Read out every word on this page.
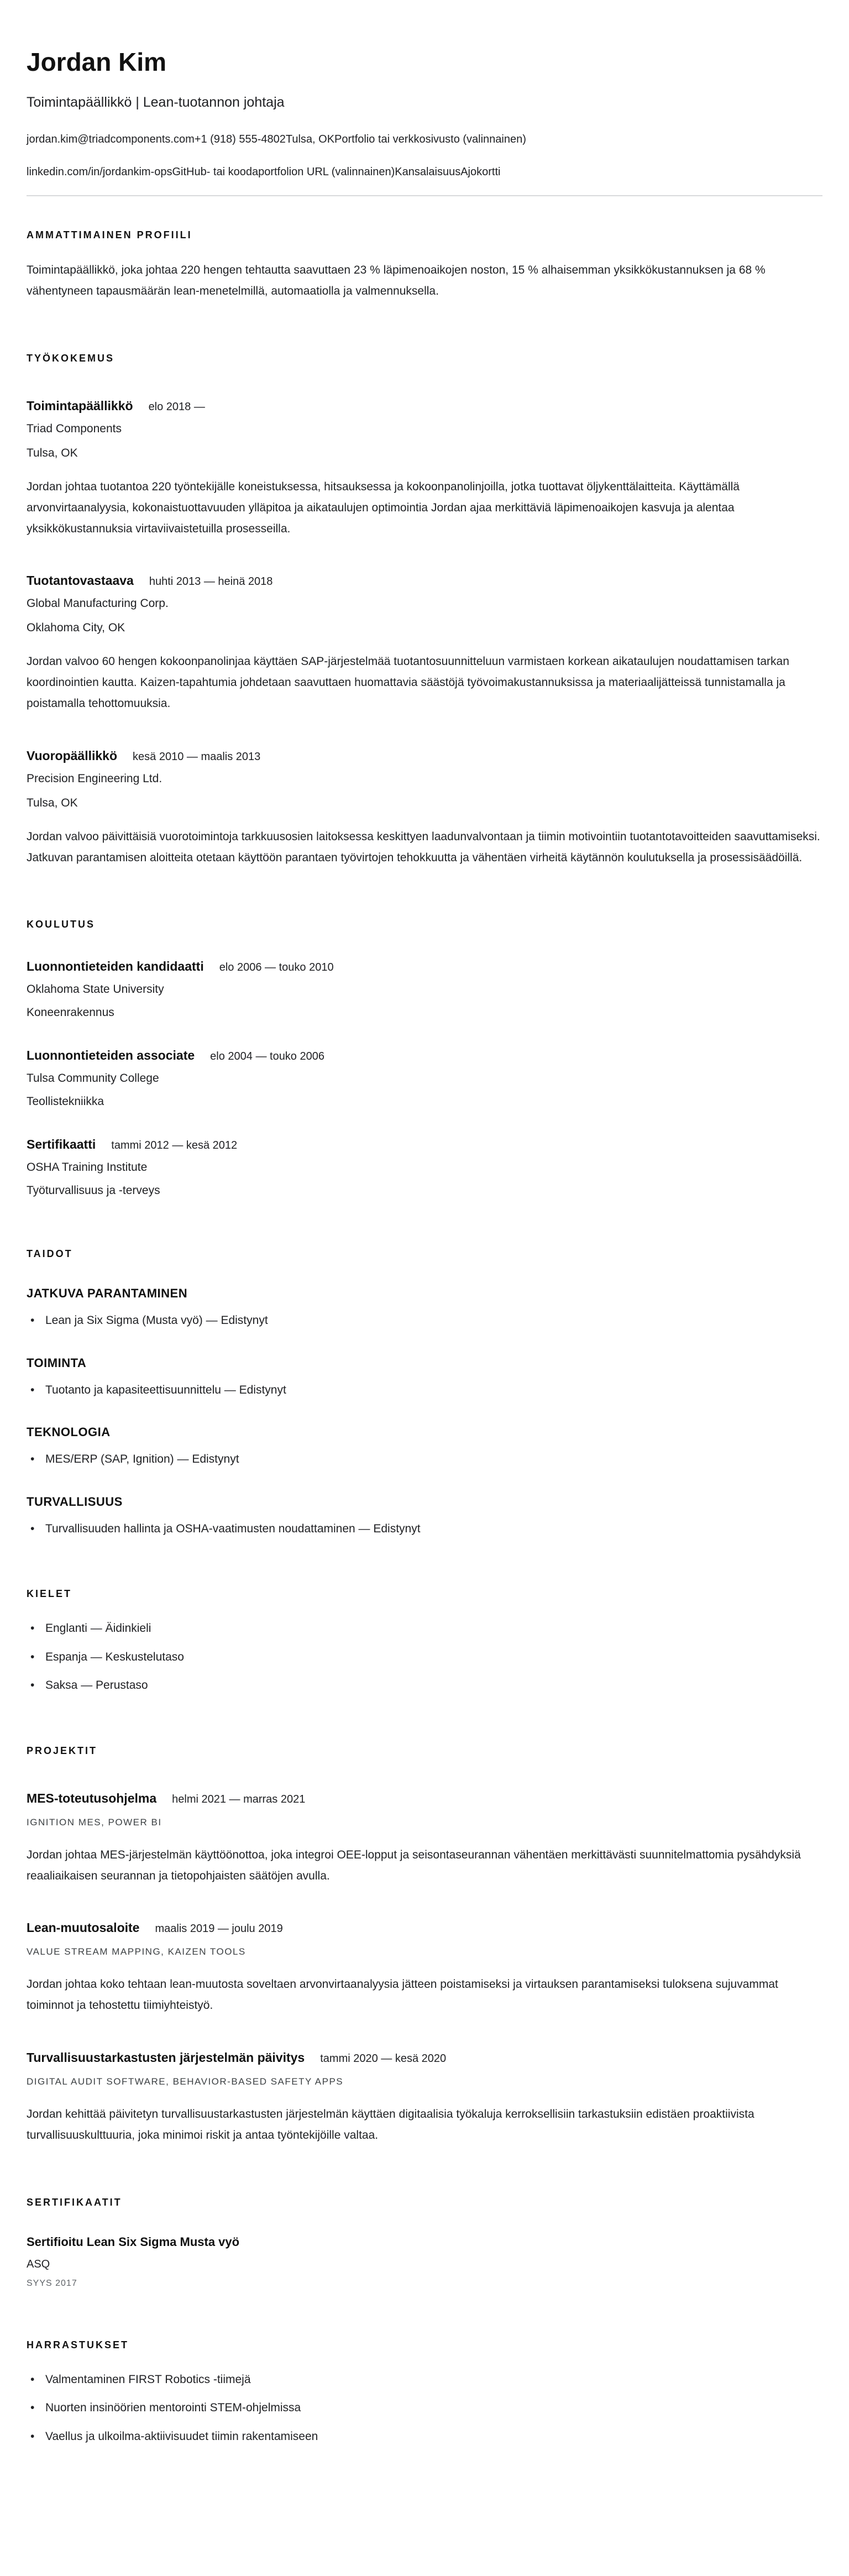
Jordan Kim
Toimintapäällikkö | Lean-tuotannon johtaja
jordan.kim@triadcomponents.com+1 (918) 555-4802Tulsa, OKPortfolio tai verkkosivusto (valinnainen)
linkedin.com/in/jordankim-opsGitHub- tai koodaportfolion URL (valinnainen)KansalaisuusAjokortti
AMMATTIMAINEN PROFIILI

Toimintapäällikkö, joka johtaa 220 hengen tehtautta saavuttaen 23 % läpimenoaikojen noston, 15 % alhaisemman yksikkökustannuksen ja 68 % vähentyneen tapausmäärän lean-menetelmillä, automaatiolla ja valmennuksella.

TYÖKOKEMUS
Toimintapäällikkö elo 2018 —
Triad Components
Tulsa, OK

Jordan johtaa tuotantoa 220 työntekijälle koneistuksessa, hitsauksessa ja kokoonpanolinjoilla, jotka tuottavat öljykenttälaitteita. Käyttämällä arvonvirtaanalyysia, kokonaistuottavuuden ylläpitoa ja aikataulujen optimointia Jordan ajaa merkittäviä läpimenoaikojen kasvuja ja alentaa yksikkökustannuksia virtaviivaistetuilla prosesseilla.

Tuotantovastaava huhti 2013 — heinä 2018
Global Manufacturing Corp.
Oklahoma City, OK

Jordan valvoo 60 hengen kokoonpanolinjaa käyttäen SAP-järjestelmää tuotantosuunnitteluun varmistaen korkean aikataulujen noudattamisen tarkan koordinointien kautta. Kaizen-tapahtumia johdetaan saavuttaen huomattavia säästöjä työvoimakustannuksissa ja materiaalijätteissä tunnistamalla ja poistamalla tehottomuuksia.

Vuoropäällikkö kesä 2010 — maalis 2013
Precision Engineering Ltd.
Tulsa, OK

Jordan valvoo päivittäisiä vuorotoimintoja tarkkuusosien laitoksessa keskittyen laadunvalvontaan ja tiimin motivointiin tuotantotavoitteiden saavuttamiseksi. Jatkuvan parantamisen aloitteita otetaan käyttöön parantaen työvirtojen tehokkuutta ja vähentäen virheitä käytännön koulutuksella ja prosessisäädöillä.

KOULUTUS
Luonnontieteiden kandidaatti elo 2006 — touko 2010
Oklahoma State University
Koneenrakennus
Luonnontieteiden associate elo 2004 — touko 2006
Tulsa Community College
Teollistekniikka
Sertifikaatti tammi 2012 — kesä 2012
OSHA Training Institute
Työturvallisuus ja -terveys
TAIDOT
JATKUVA PARANTAMINEN
• Lean ja Six Sigma (Musta vyö) — Edistynyt
TOIMINTA
• Tuotanto ja kapasiteettisuunnittelu — Edistynyt
TEKNOLOGIA
• MES/ERP (SAP, Ignition) — Edistynyt
TURVALLISUUS
• Turvallisuuden hallinta ja OSHA-vaatimusten noudattaminen — Edistynyt
KIELET
• Englanti — Äidinkieli
• Espanja — Keskustelutaso
• Saksa — Perustaso
PROJEKTIT
MES-toteutusohjelma helmi 2021 — marras 2021
IGNITION MES, POWER BI

Jordan johtaa MES-järjestelmän käyttöönottoa, joka integroi OEE-lopput ja seisontaseurannan vähentäen merkittävästi suunnitelmattomia pysähdyksiä reaaliaikaisen seurannan ja tietopohjaisten säätöjen avulla.

Lean-muutosaloite maalis 2019 — joulu 2019
VALUE STREAM MAPPING, KAIZEN TOOLS

Jordan johtaa koko tehtaan lean-muutosta soveltaen arvonvirtaanalyysia jätteen poistamiseksi ja virtauksen parantamiseksi tuloksena sujuvammat toiminnot ja tehostettu tiimiyhteistyö.

Turvallisuustarkastusten järjestelmän päivitys tammi 2020 — kesä 2020
DIGITAL AUDIT SOFTWARE, BEHAVIOR-BASED SAFETY APPS

Jordan kehittää päivitetyn turvallisuustarkastusten järjestelmän käyttäen digitaalisia työkaluja kerroksellisiin tarkastuksiin edistäen proaktiivista turvallisuuskulttuuria, joka minimoi riskit ja antaa työntekijöille valtaa.

SERTIFIKAATIT
Sertifioitu Lean Six Sigma Musta vyö
ASQ
SYYS 2017
HARRASTUKSET
• Valmentaminen FIRST Robotics -tiimejä
• Nuorten insinöörien mentorointi STEM-ohjelmissa
• Vaellus ja ulkoilma-aktiivisuudet tiimin rakentamiseen
